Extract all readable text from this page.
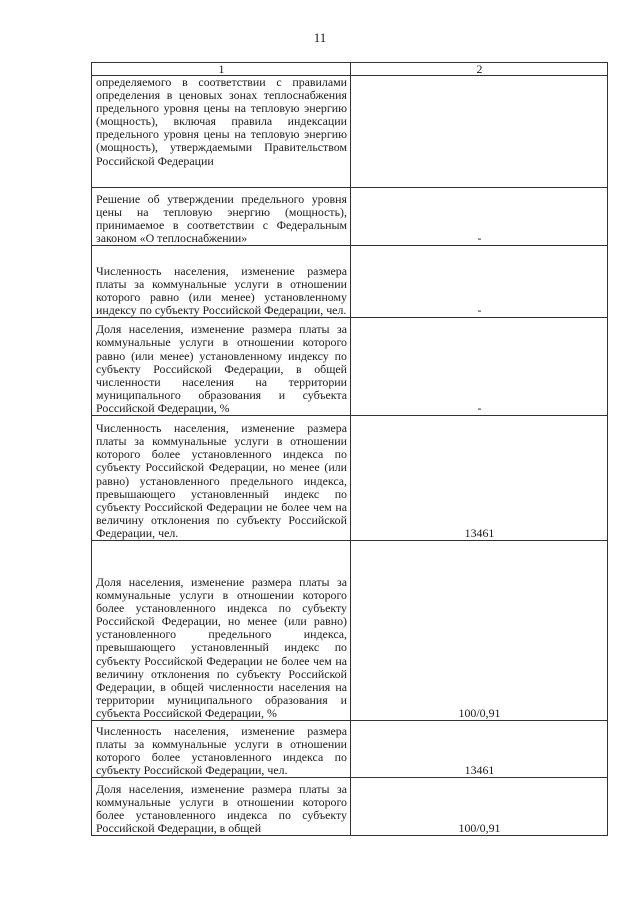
11
1	2
определяемого в соответствии с правилами определения в ценовых зонах теплоснабжения предельного уровня цены на тепловую энергию (мощность), включая правила индексации предельного уровня цены на тепловую энергию (мощность), утверждаемыми Правительством Российской Федерации	
Решение об утверждении предельного уровня цены на тепловую энергию (мощность), принимаемое в соответствии с Федеральным законом «О теплоснабжении»	-
Численность населения, изменение размера платы за коммунальные услуги в отношении которого равно (или менее) установленному индексу по субъекту Российской Федерации, чел.	-
Доля населения, изменение размера платы за коммунальные услуги в отношении которого равно (или менее) установленному индексу по субъекту Российской Федерации, в общей численности населения на территории муниципального образования и субъекта Российской Федерации, %	-
Численность населения, изменение размера платы за коммунальные услуги в отношении которого более установленного индекса по субъекту Российской Федерации, но менее (или равно) установленного предельного индекса, превышающего установленный индекс по субъекту Российской Федерации не более чем на величину отклонения по субъекту Российской Федерации, чел.	13461
Доля населения, изменение размера платы за коммунальные услуги в отношении которого более установленного индекса по субъекту Российской Федерации, но менее (или равно) установленного предельного индекса, превышающего установленный индекс по субъекту Российской Федерации не более чем на величину отклонения по субъекту Российской Федерации, в общей численности населения на территории муниципального образования и субъекта Российской Федерации, %	100/0,91
Численность населения, изменение размера платы за коммунальные услуги в отношении которого более установленного индекса по субъекту Российской Федерации, чел.	13461
Доля населения, изменение размера платы за коммунальные услуги в отношении которого более установленного индекса по субъекту Российской Федерации, в общей	100/0,91
